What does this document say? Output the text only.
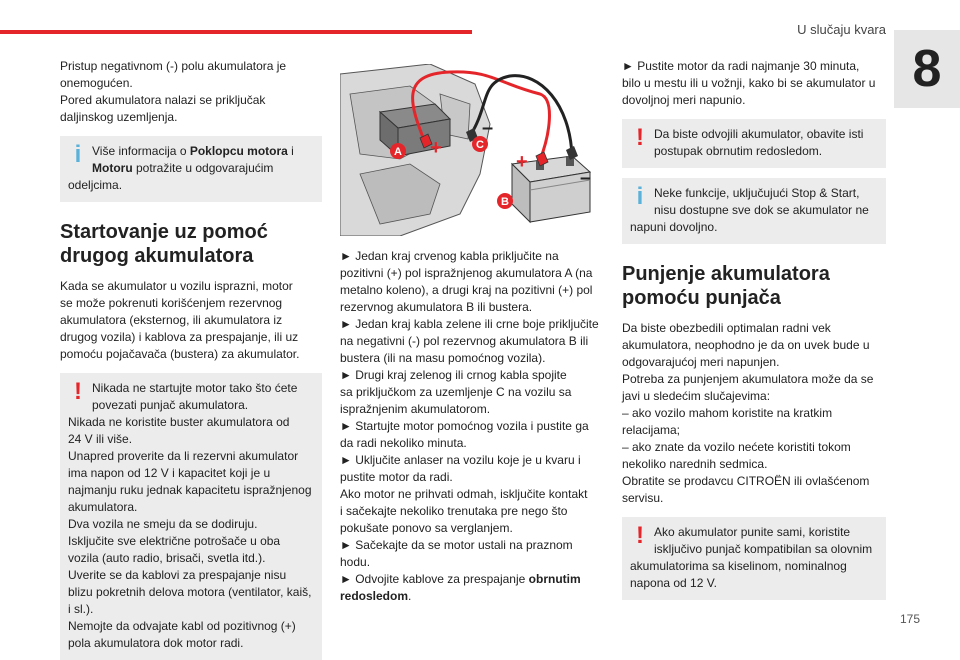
U slučaju kvara
8

Pristup negativnom (-) polu akumulatora je

onemogućen.

Pored akumulatora nalazi se priključak

daljinskog uzemljenja.

i Više informacija o Poklopcu motora i

Motoru potražite u odgovarajućim

odeljcima.

Startovanje uz pomoć
drugog akumulatora

Kada se akumulator u vozilu isprazni, motor

se može pokrenuti korišćenjem rezervnog

akumulatora (eksternog, ili akumulatora iz

drugog vozila) i kablova za prespajanje, ili uz

pomoću pojačavača (bustera) za akumulator.

! Nikada ne startujte motor tako što ćete

povezati punjač akumulatora.

Nikada ne koristite buster akumulatora od

24 V ili više.

Unapred proverite da li rezervni akumulator

ima napon od 12 V i kapacitet koji je u

najmanju ruku jednak kapacitetu ispražnjenog

akumulatora.

Dva vozila ne smeju da se dodiruju.

Isključite sve električne potrošače u oba

vozila (auto radio, brisači, svetla itd.).

Uverite se da kablovi za prespajanje nisu

blizu pokretnih delova motora (ventilator, kaiš,

i sl.).

Nemojte da odvajate kabl od pozitivnog (+)

pola akumulatora dok motor radi.

+
+
–
–
A
C
B

► Jedan kraj crvenog kabla priključite na

pozitivni (+) pol ispražnjenog akumulatora A (na

metalno koleno), a drugi kraj na pozitivni (+) pol

rezervnog akumulatora B ili bustera.

► Jedan kraj kabla zelene ili crne boje priključite

na negativni (-) pol rezervnog akumulatora B ili

bustera (ili na masu pomoćnog vozila).

► Drugi kraj zelenog ili crnog kabla spojite

sa priključkom za uzemljenje C na vozilu sa

ispražnjenim akumulatorom.

► Startujte motor pomoćnog vozila i pustite ga

da radi nekoliko minuta.

► Uključite anlaser na vozilu koje je u kvaru i

pustite motor da radi.

Ako motor ne prihvati odmah, isključite kontakt

i sačekajte nekoliko trenutaka pre nego što

pokušate ponovo sa verglanjem.

► Sačekajte da se motor ustali na praznom

hodu.

► Odvojite kablove za prespajanje obrnutim

redosledom.

► Pustite motor da radi najmanje 30 minuta,

bilo u mestu ili u vožnji, kako bi se akumulator u

dovoljnoj meri napunio.

! Da biste odvojili akumulator, obavite isti

postupak obrnutim redosledom.

i Neke funkcije, uključujući Stop & Start,

nisu dostupne sve dok se akumulator ne

napuni dovoljno.

Punjenje akumulatora
pomoću punjača

Da biste obezbedili optimalan radni vek

akumulatora, neophodno je da on uvek bude u

odgovarajućoj meri napunjen.

Potreba za punjenjem akumulatora može da se

javi u sledećim slučajevima:

– ako vozilo mahom koristite na kratkim

relacijama;

– ako znate da vozilo nećete koristiti tokom

nekoliko narednih sedmica.

Obratite se prodavcu CITROËN ili ovlašćenom

servisu.

! Ako akumulator punite sami, koristite

isključivo punjač kompatibilan sa olovnim

akumulatorima sa kiselinom, nominalnog

napona od 12 V.

175
